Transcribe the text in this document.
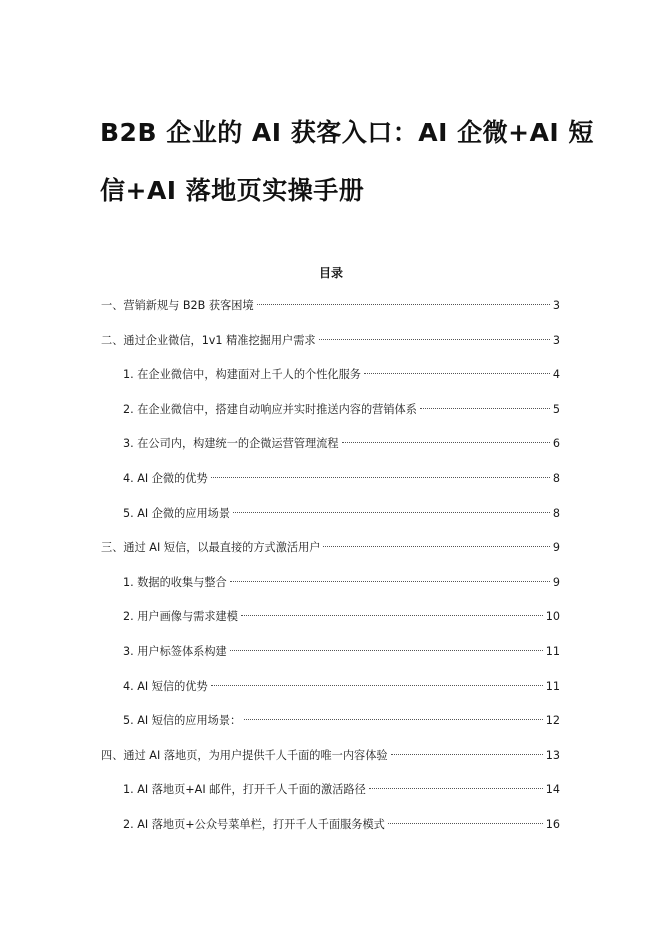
B2B 企业的 AI 获客入口：AI 企微+AI 短
信+AI 落地页实操手册
目录
一、营销新规与 B2B 获客困境	3
二、通过企业微信，1v1 精准挖掘用户需求	3
1. 在企业微信中，构建面对上千人的个性化服务	4
2. 在企业微信中，搭建自动响应并实时推送内容的营销体系	5
3. 在公司内，构建统一的企微运营管理流程	6
4. AI 企微的优势	8
5. AI 企微的应用场景	8
三、通过 AI 短信，以最直接的方式激活用户	9
1. 数据的收集与整合	9
2. 用户画像与需求建模	10
3. 用户标签体系构建	11
4. AI 短信的优势	11
5. AI 短信的应用场景：	12
四、通过 AI 落地页，为用户提供千人千面的唯一内容体验	13
1. AI 落地页+AI 邮件，打开千人千面的激活路径	14
2. AI 落地页+公众号菜单栏，打开千人千面服务模式	16
